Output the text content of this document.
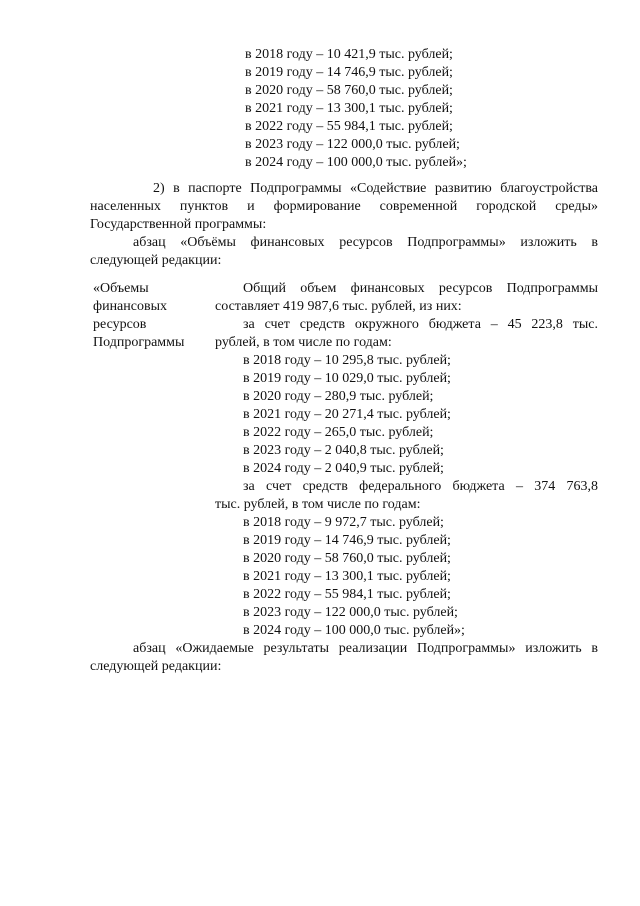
в 2018 году – 10 421,9 тыс. рублей;
в 2019 году – 14 746,9 тыс. рублей;
в 2020 году – 58 760,0 тыс. рублей;
в 2021 году – 13 300,1 тыс. рублей;
в 2022 году – 55 984,1 тыс. рублей;
в 2023 году – 122 000,0 тыс. рублей;
в 2024 году – 100 000,0 тыс. рублей»;
2) в паспорте Подпрограммы «Содействие развитию благоустройства
населенных пунктов и формирование современной городской среды»
Государственной программы:
абзац «Объёмы финансовых ресурсов Подпрограммы» изложить в
следующей редакции:
«Объемы
финансовых
ресурсов
Подпрограммы
Общий объем финансовых ресурсов Подпрограммы
составляет 419 987,6 тыс. рублей, из них:
за счет средств окружного бюджета – 45 223,8 тыс.
рублей, в том числе по годам:
в 2018 году – 10 295,8 тыс. рублей;
в 2019 году – 10 029,0 тыс. рублей;
в 2020 году – 280,9 тыс. рублей;
в 2021 году – 20 271,4 тыс. рублей;
в 2022 году – 265,0 тыс. рублей;
в 2023 году – 2 040,8 тыс. рублей;
в 2024 году – 2 040,9 тыс. рублей;
за счет средств федерального бюджета – 374 763,8
тыс. рублей, в том числе по годам:
в 2018 году – 9 972,7 тыс. рублей;
в 2019 году – 14 746,9 тыс. рублей;
в 2020 году – 58 760,0 тыс. рублей;
в 2021 году – 13 300,1 тыс. рублей;
в 2022 году – 55 984,1 тыс. рублей;
в 2023 году – 122 000,0 тыс. рублей;
в 2024 году – 100 000,0 тыс. рублей»;
абзац «Ожидаемые результаты реализации Подпрограммы» изложить в
следующей редакции:
